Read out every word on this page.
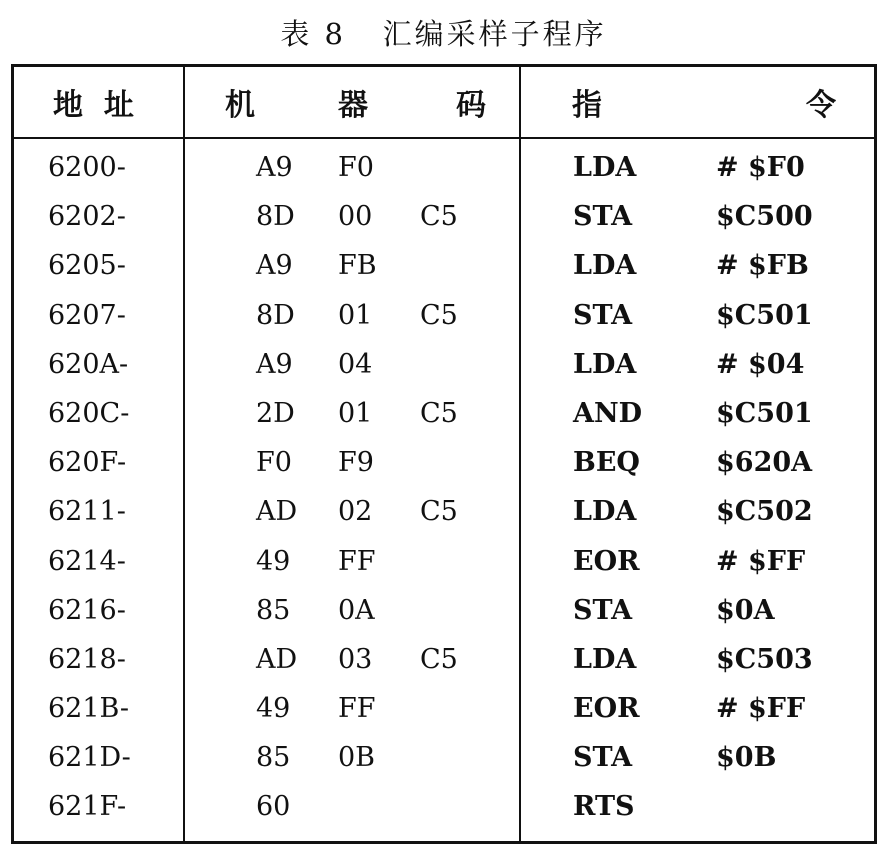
表 8   汇编采样子程序
地  址	机	器	码	指	令
6200-	A9 F0	LDA	# $F0
6202-	8D 00 C5	STA	$C500
6205-	A9 FB	LDA	# $FB
6207-	8D 01 C5	STA	$C501
620A-	A9 04	LDA	# $04
620C-	2D 01 C5	AND	$C501
620F-	F0 F9	BEQ	$620A
6211-	AD 02 C5	LDA	$C502
6214-	49 FF	EOR	# $FF
6216-	85 0A	STA	$0A
6218-	AD 03 C5	LDA	$C503
621B-	49 FF	EOR	# $FF
621D-	85 0B	STA	$0B
621F-	60	RTS
